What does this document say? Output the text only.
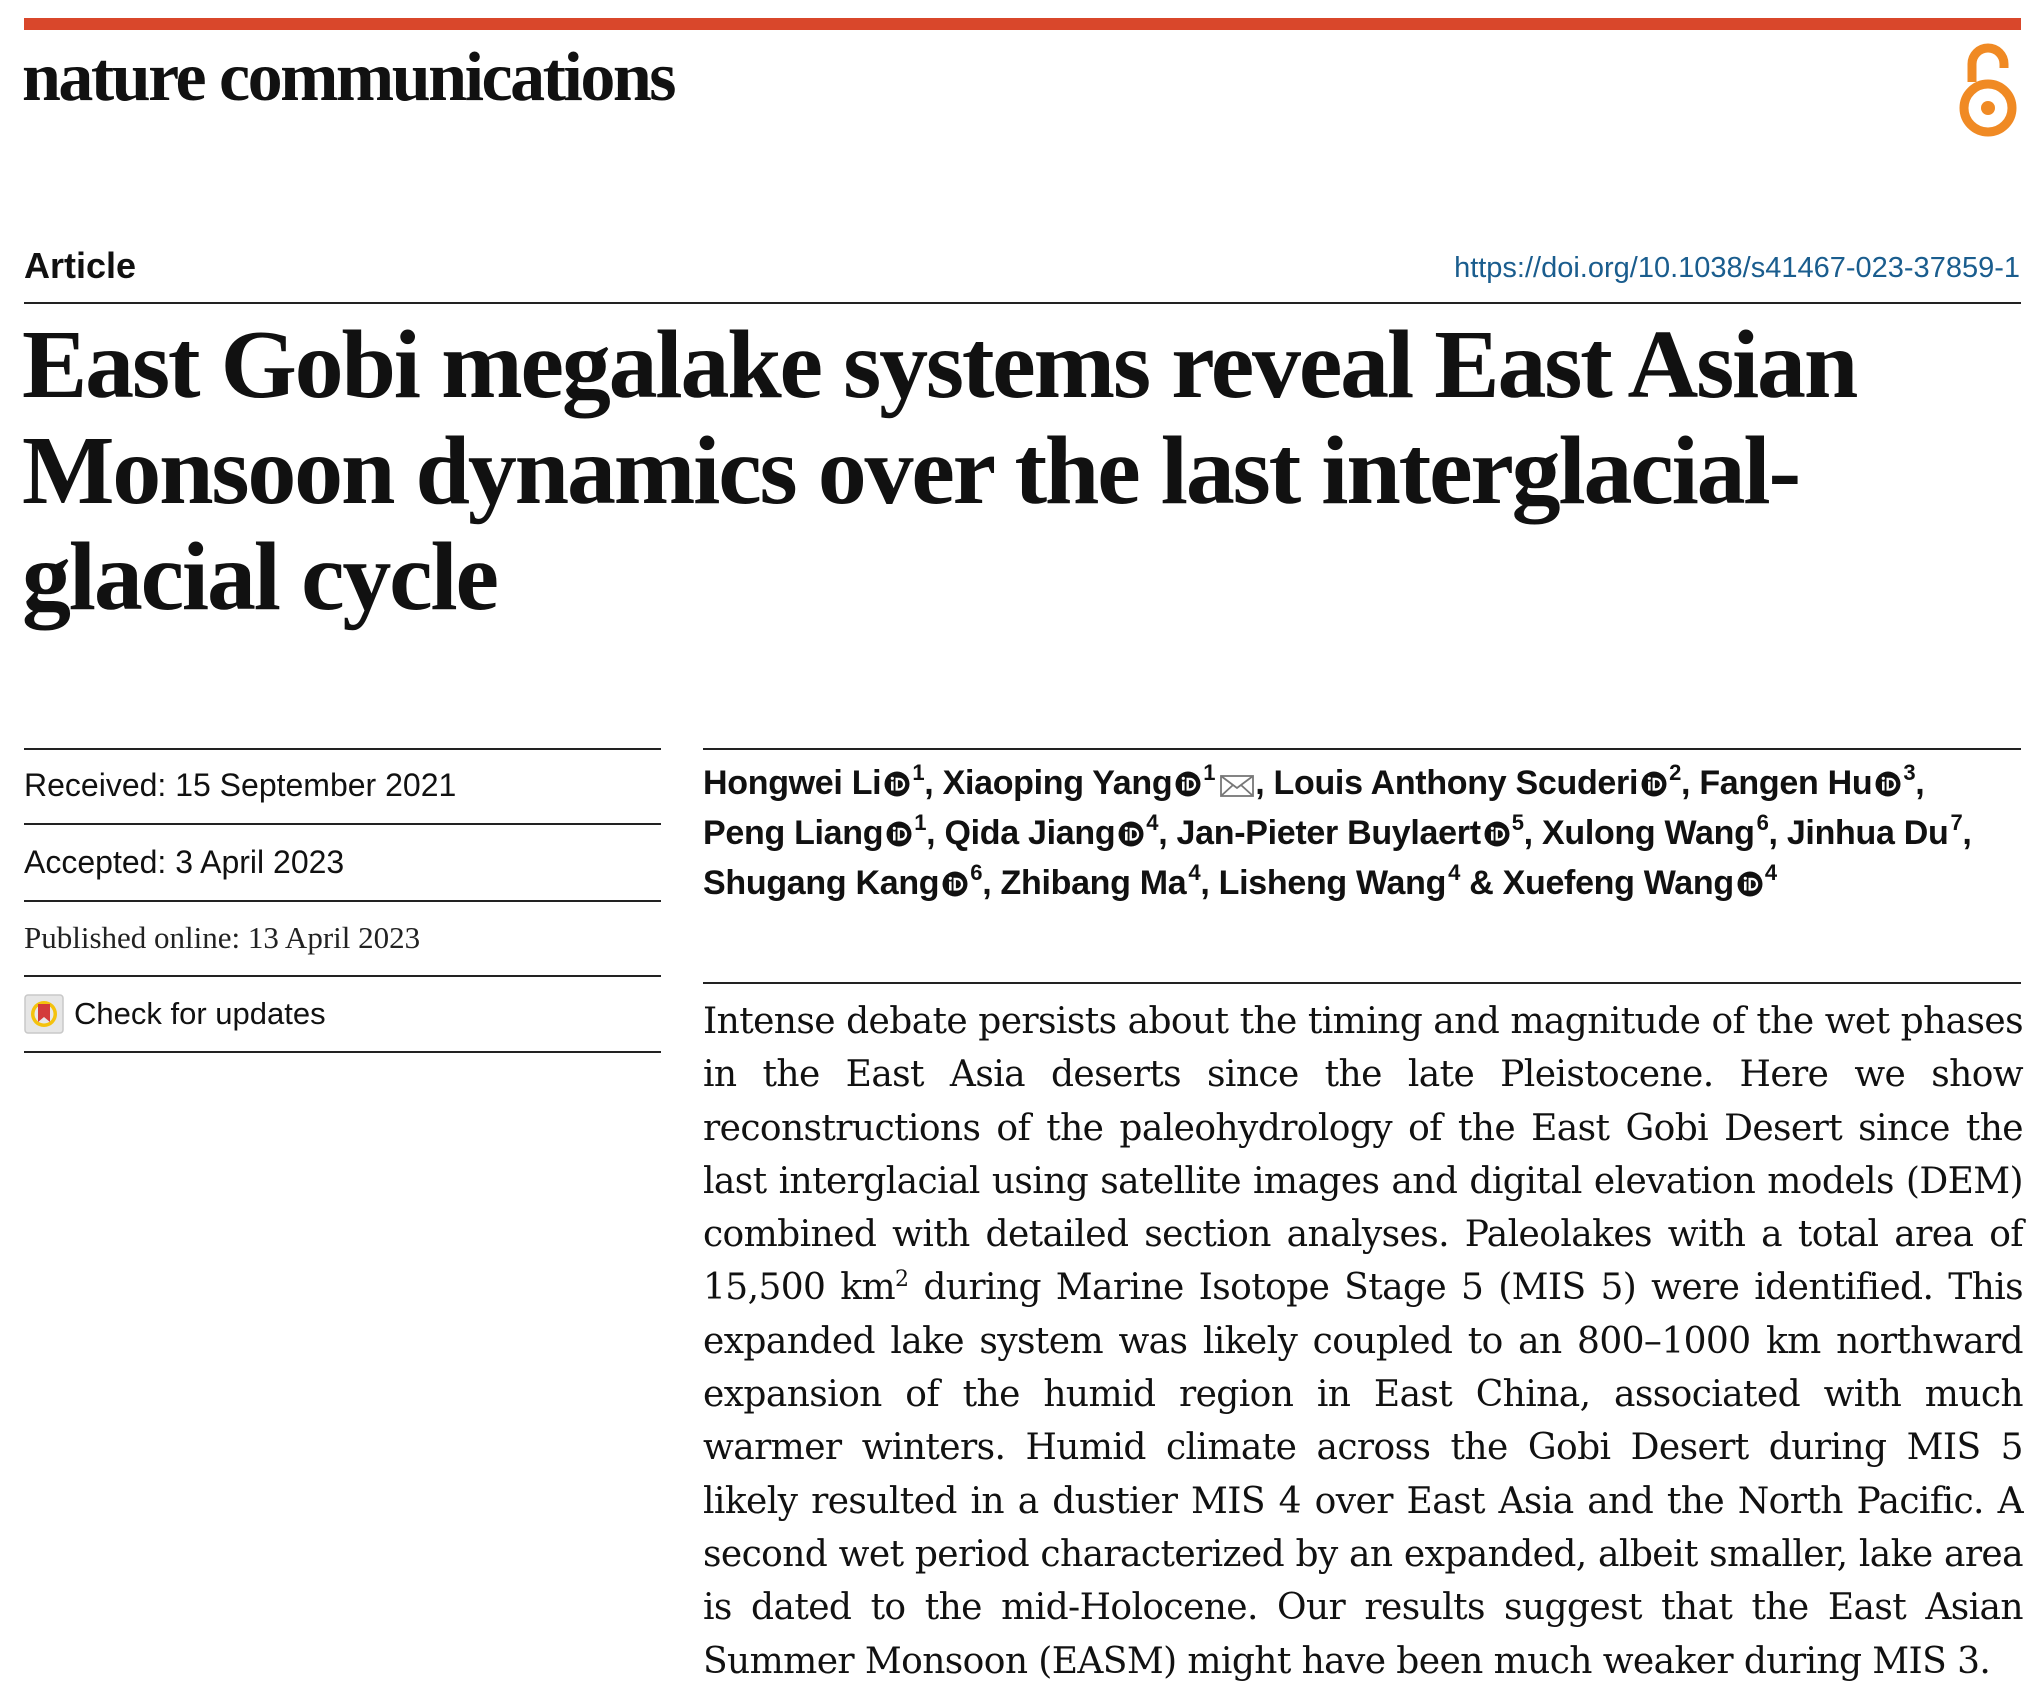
nature communications
Article	https://doi.org/10.1038/s41467-023-37859-1
East Gobi megalake systems reveal East Asian Monsoon dynamics over the last interglacial-glacial cycle
Received: 15 September 2021
Accepted: 3 April 2023
Published online: 13 April 2023
Check for updates
Hongwei Li $^1$, Xiaoping Yang $^1$ , Louis Anthony Scuderi $^2$, Fangen Hu $^3$, Peng Liang $^1$, Qida Jiang $^4$, Jan-Pieter Buylaert $^5$, Xulong Wang$^6$, Jinhua Du$^7$, Shugang Kang $^6$, Zhibang Ma$^4$, Lisheng Wang$^4$ & Xuefeng Wang $^4$

Intense debate persists about the timing and magnitude of the wet phases in the East Asia deserts since the late Pleistocene. Here we show reconstructions of the paleohydrology of the East Gobi Desert since the last interglacial using satellite images and digital elevation models (DEM) combined with detailed section analyses. Paleolakes with a total area of 15,500 $km^2$ during Marine Isotope Stage 5 (MIS 5) were identified. This expanded lake system was likely coupled to an 800–1000 km northward expansion of the humid region in East China, associated with much warmer winters. Humid climate across the Gobi Desert during MIS 5 likely resulted in a dustier MIS 4 over East Asia and the North Pacific. A second wet period characterized by an expanded, albeit smaller, lake area is dated to the mid-Holocene. Our results suggest that the East Asian Summer Monsoon (EASM) might have been much weaker during MIS 3.
